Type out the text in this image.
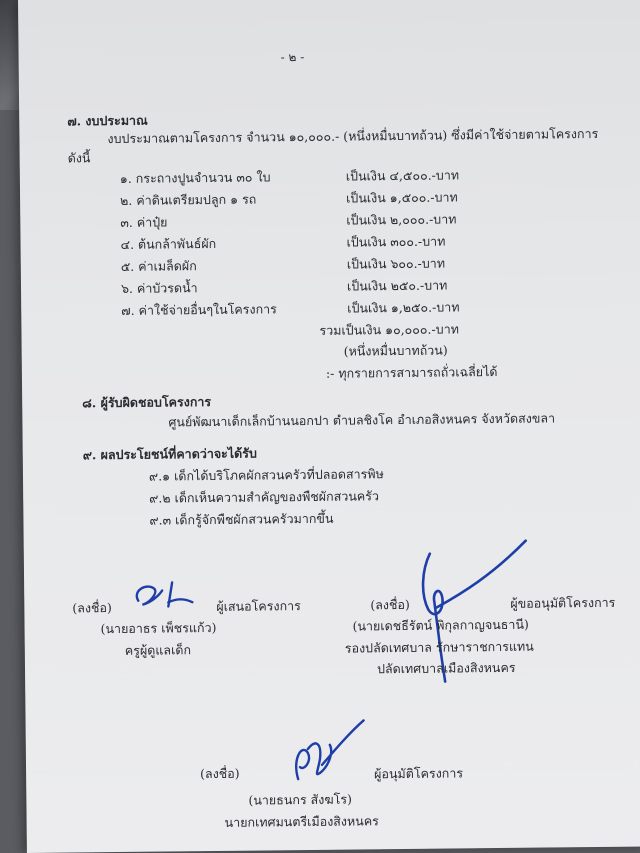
- ๒ -
๗. งบประมาณ
งบประมาณตามโครงการ จำนวน ๑๐,๐๐๐.- (หนึ่งหมื่นบาทถ้วน) ซึ่งมีค่าใช้จ่ายตามโครงการ
ดังนี้
๑. กระถางปูนจำนวน ๓๐ ใบ	เป็นเงิน ๔,๕๐๐.-บาท
๒. ค่าดินเตรียมปลูก ๑ รถ	เป็นเงิน ๑,๕๐๐.-บาท
๓. ค่าปุ๋ย	เป็นเงิน ๒,๐๐๐.-บาท
๔. ต้นกล้าพันธ์ผัก	เป็นเงิน ๓๐๐.-บาท
๕. ค่าเมล็ดผัก	เป็นเงิน ๖๐๐.-บาท
๖. ค่าบัวรดน้ำ	เป็นเงิน ๒๕๐.-บาท
๗. ค่าใช้จ่ายอื่นๆในโครงการ	เป็นเงิน ๑,๒๕๐.-บาท
รวมเป็นเงิน ๑๐,๐๐๐.-บาท
(หนึ่งหมื่นบาทถ้วน)
:- ทุกรายการสามารถถั่วเฉลี่ยได้
๘. ผู้รับผิดชอบโครงการ
ศูนย์พัฒนาเด็กเล็กบ้านนอกปา ตำบลชิงโค อำเภอสิงหนคร จังหวัดสงขลา
๙. ผลประโยชน์ที่คาดว่าจะได้รับ
๙.๑ เด็กได้บริโภคผักสวนครัวที่ปลอดสารพิษ
๙.๒ เด็กเห็นความสำคัญของพืชผักสวนครัว
๙.๓ เด็กรู้จักพืชผักสวนครัวมากขึ้น
(ลงชื่อ)	ผู้เสนอโครงการ
(นายอาธร เพ็ชรแก้ว)
ครูผู้ดูแลเด็ก
(ลงชื่อ)	ผู้ขออนุมัติโครงการ
(นายเดชธีรัตน์ พิกุลกาญจนธานี)
รองปลัดเทศบาล รักษาราชการแทน
ปลัดเทศบาลเมืองสิงหนคร
(ลงชื่อ)	ผู้อนุมัติโครงการ
(นายธนกร สังฆโร)
นายกเทศมนตรีเมืองสิงหนคร
